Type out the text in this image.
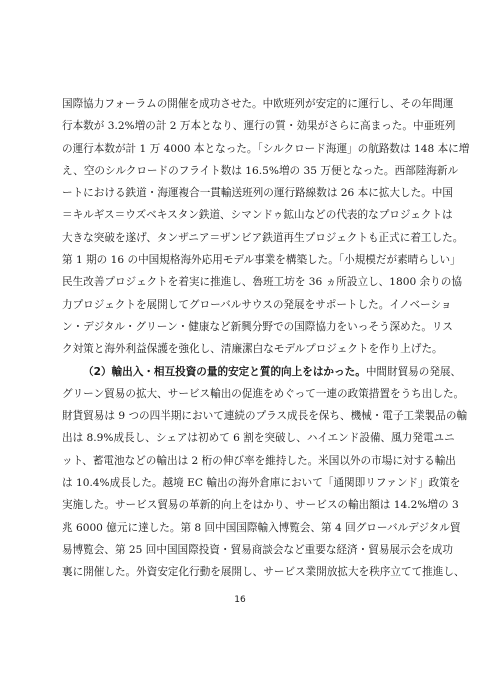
国際協力フォーラムの開催を成功させた。中欧班列が安定的に運行し、その年間運
行本数が 3.2%増の計 2 万本となり、運行の質・効果がさらに高まった。中亜班列
の運行本数が計 1 万 4000 本となった。「シルクロード海運」の航路数は 148 本に増
え、空のシルクロードのフライト数は 16.5%増の 35 万便となった。西部陸海新ル
ートにおける鉄道・海運複合一貫輸送班列の運行路線数は 26 本に拡大した。中国
＝キルギス＝ウズベキスタン鉄道、シマンドゥ鉱山などの代表的なプロジェクトは
大きな突破を遂げ、タンザニア＝ザンビア鉄道再生プロジェクトも正式に着工した。
第 1 期の 16 の中国規格海外応用モデル事業を構築した。「小規模だが素晴らしい」
民生改善プロジェクトを着実に推進し、魯班工坊を 36 ヵ所設立し、1800 余りの協
力プロジェクトを展開してグローバルサウスの発展をサポートした。イノベーショ
ン・デジタル・グリーン・健康など新興分野での国際協力をいっそう深めた。リス
ク対策と海外利益保護を強化し、清廉潔白なモデルプロジェクトを作り上げた。
（2）輸出入・相互投資の量的安定と質的向上をはかった。中間財貿易の発展、
グリーン貿易の拡大、サービス輸出の促進をめぐって一連の政策措置をうち出した。
財貨貿易は 9 つの四半期において連続のプラス成長を保ち、機械・電子工業製品の輸
出は 8.9%成長し、シェアは初めて 6 割を突破し、ハイエンド設備、風力発電ユニ
ット、蓄電池などの輸出は 2 桁の伸び率を維持した。米国以外の市場に対する輸出
は 10.4%成長した。越境 EC 輸出の海外倉庫において「通関即リファンド」政策を
実施した。サービス貿易の革新的向上をはかり、サービスの輸出額は 14.2%増の 3
兆 6000 億元に達した。第 8 回中国国際輸入博覧会、第 4 回グローバルデジタル貿
易博覧会、第 25 回中国国際投資・貿易商談会など重要な経済・貿易展示会を成功
裏に開催した。外資安定化行動を展開し、サービス業開放拡大を秩序立てて推進し、
16
